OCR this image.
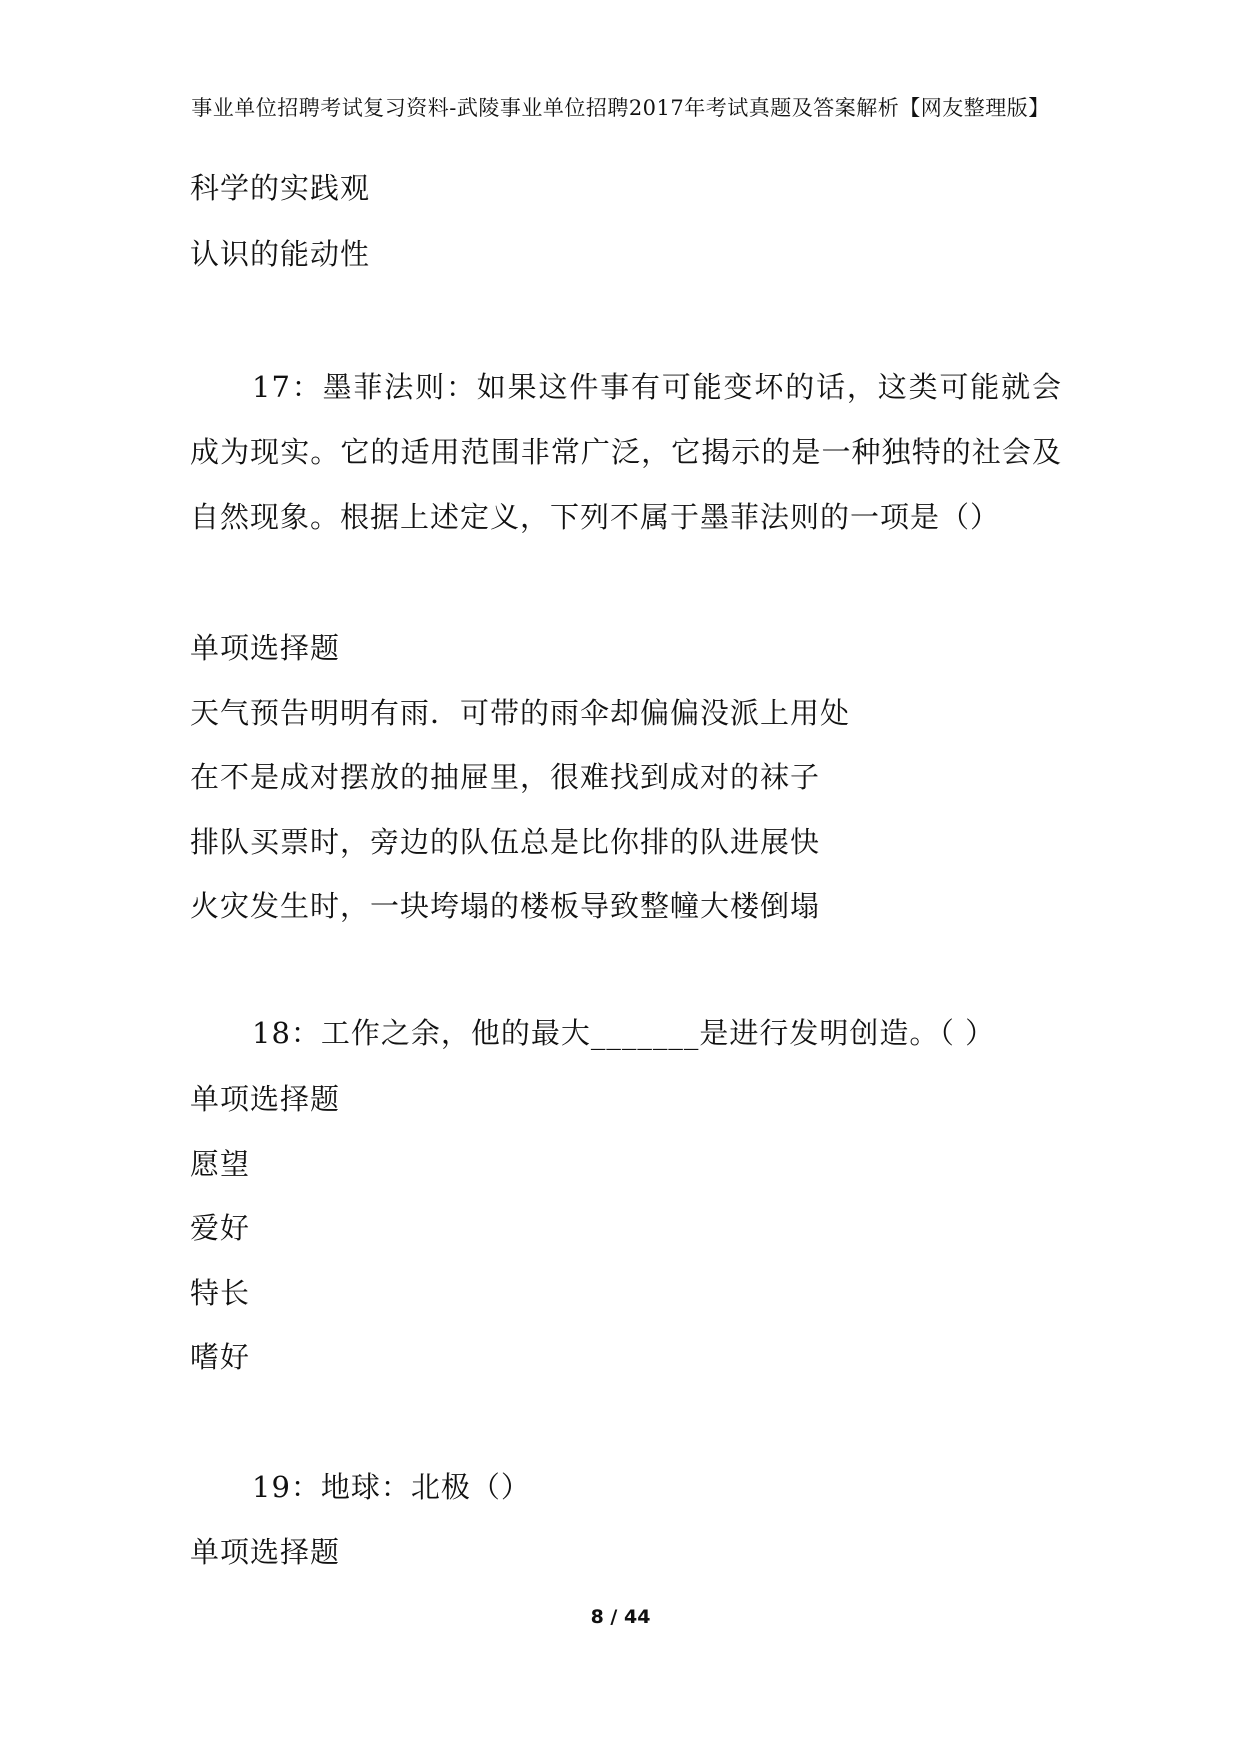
事业单位招聘考试复习资料-武陵事业单位招聘2017年考试真题及答案解析【网友整理版】
科学的实践观
认识的能动性
17：墨菲法则：如果这件事有可能变坏的话，这类可能就会成为现实。它的适用范围非常广泛，它揭示的是一种独特的社会及自然现象。根据上述定义，下列不属于墨菲法则的一项是（）
单项选择题
天气预告明明有雨．可带的雨伞却偏偏没派上用处
在不是成对摆放的抽屉里，很难找到成对的袜子
排队买票时，旁边的队伍总是比你排的队进展快
火灾发生时，一块垮塌的楼板导致整幢大楼倒塌
18：工作之余，他的最大_______是进行发明创造。（ ）
单项选择题
愿望
爱好
特长
嗜好
19：地球：北极（）
单项选择题
8 / 44
